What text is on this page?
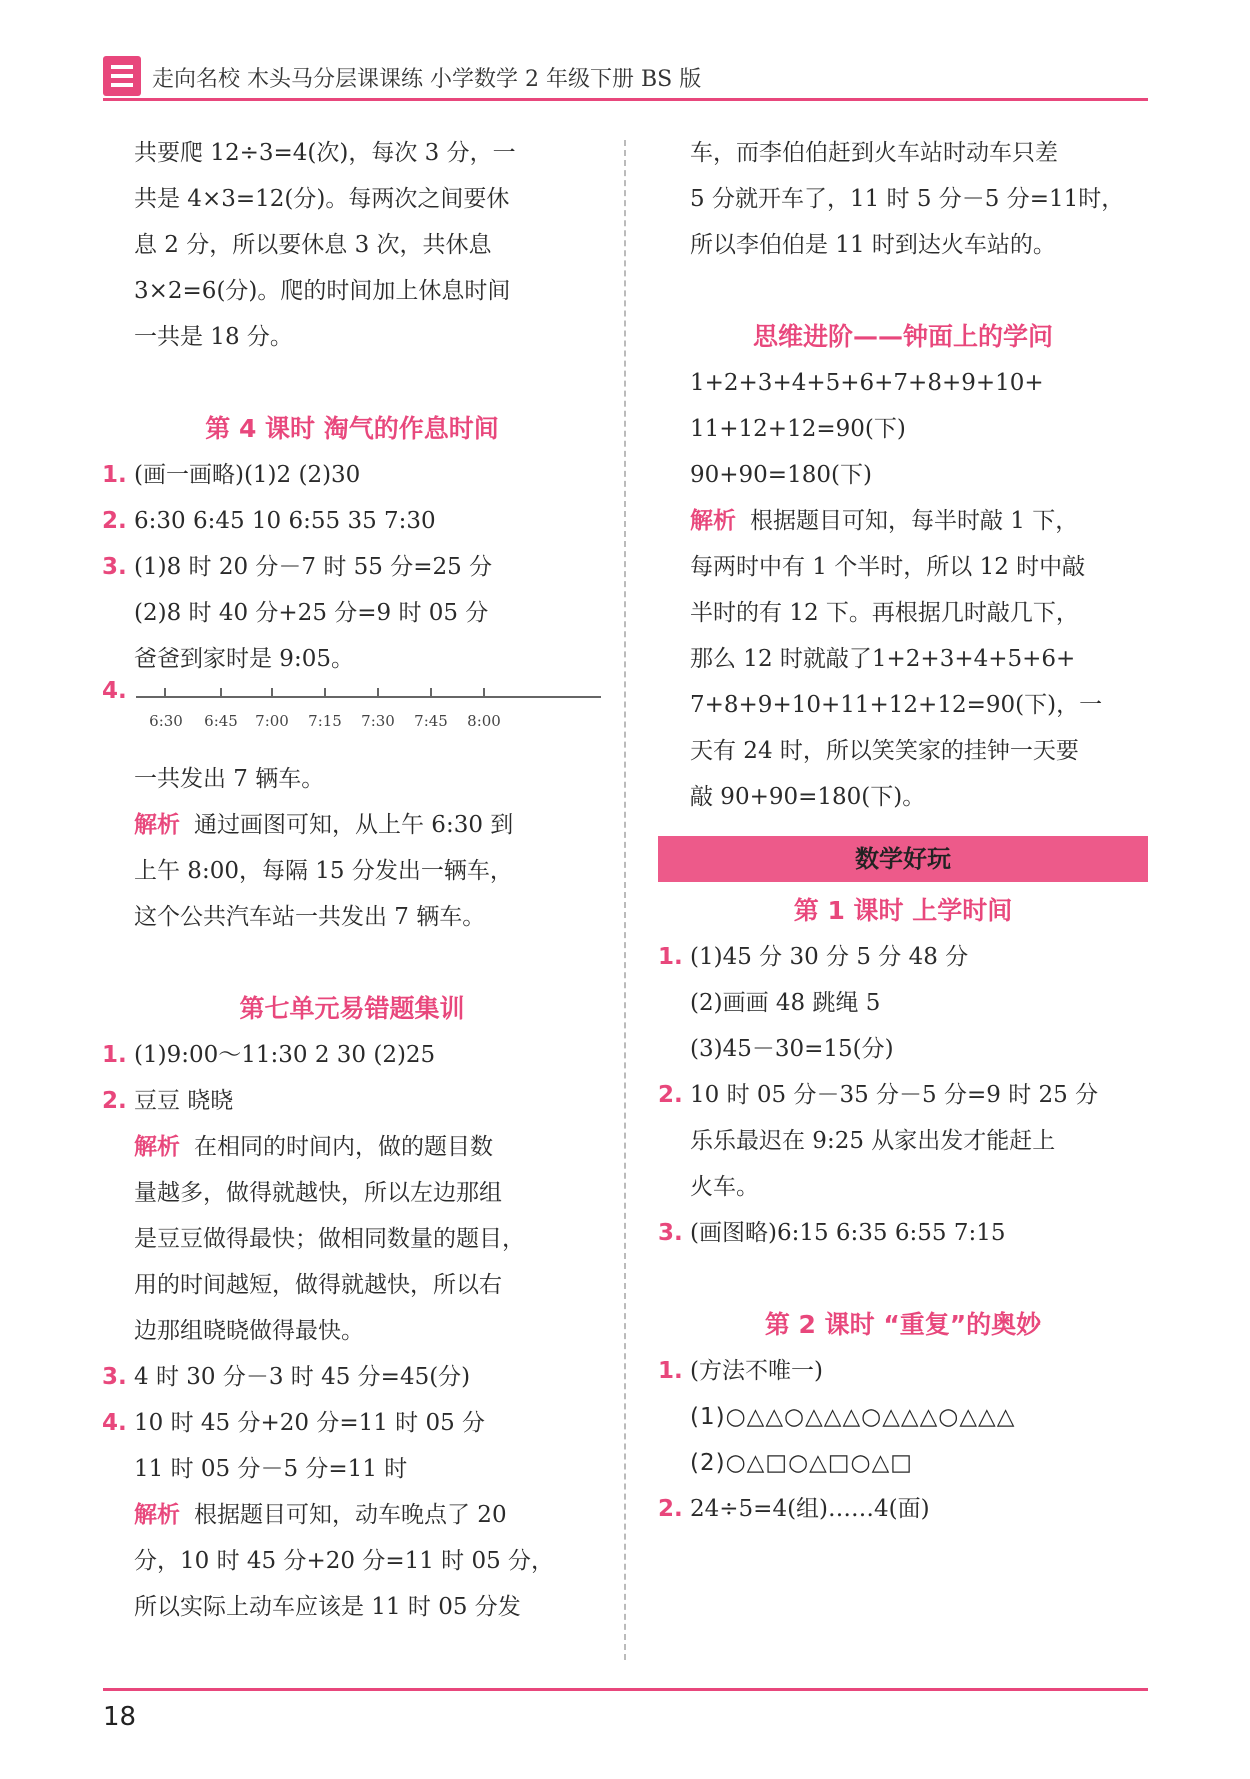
走向名校 木头马分层课课练 小学数学 2 年级下册 BS 版
共要爬 12÷3=4(次)，每次 3 分，一
共是 4×3=12(分)。每两次之间要休
息 2 分，所以要休息 3 次，共休息
3×2=6(分)。爬的时间加上休息时间
一共是 18 分。
第 4 课时 淘气的作息时间
1. (画一画略)(1)2 (2)30
2. 6:30 6:45 10 6:55 35 7:30
3. (1)8 时 20 分－7 时 55 分=25 分
(2)8 时 40 分+25 分=9 时 05 分
爸爸到家时是 9:05。
4.
6:30 6:45 7:00 7:15 7:30 7:45 8:00
一共发出 7 辆车。
解析 通过画图可知，从上午 6:30 到
上午 8:00，每隔 15 分发出一辆车，
这个公共汽车站一共发出 7 辆车。
第七单元易错题集训
1. (1)9:00～11:30 2 30 (2)25
2. 豆豆 晓晓
解析 在相同的时间内，做的题目数
量越多，做得就越快，所以左边那组
是豆豆做得最快；做相同数量的题目，
用的时间越短，做得就越快，所以右
边那组晓晓做得最快。
3. 4 时 30 分－3 时 45 分=45(分)
4. 10 时 45 分+20 分=11 时 05 分
11 时 05 分－5 分=11 时
解析 根据题目可知，动车晚点了 20
分，10 时 45 分+20 分=11 时 05 分，
所以实际上动车应该是 11 时 05 分发
车，而李伯伯赶到火车站时动车只差
5 分就开车了，11 时 5 分－5 分=11时，
所以李伯伯是 11 时到达火车站的。
思维进阶——钟面上的学问
1+2+3+4+5+6+7+8+9+10+
11+12+12=90(下)
90+90=180(下)
解析 根据题目可知，每半时敲 1 下，
每两时中有 1 个半时，所以 12 时中敲
半时的有 12 下。再根据几时敲几下，
那么 12 时就敲了1+2+3+4+5+6+
7+8+9+10+11+12+12=90(下)，一
天有 24 时，所以笑笑家的挂钟一天要
敲 90+90=180(下)。
数学好玩
第 1 课时 上学时间
1. (1)45 分 30 分 5 分 48 分
(2)画画 48 跳绳 5
(3)45－30=15(分)
2. 10 时 05 分－35 分－5 分=9 时 25 分
乐乐最迟在 9:25 从家出发才能赶上
火车。
3. (画图略)6:15 6:35 6:55 7:15
第 2 课时 “重复”的奥妙
1. (方法不唯一)
(1)○△△○△△△○△△△○△△△
(2)○△□○△□○△□
2. 24÷5=4(组)……4(面)
18
